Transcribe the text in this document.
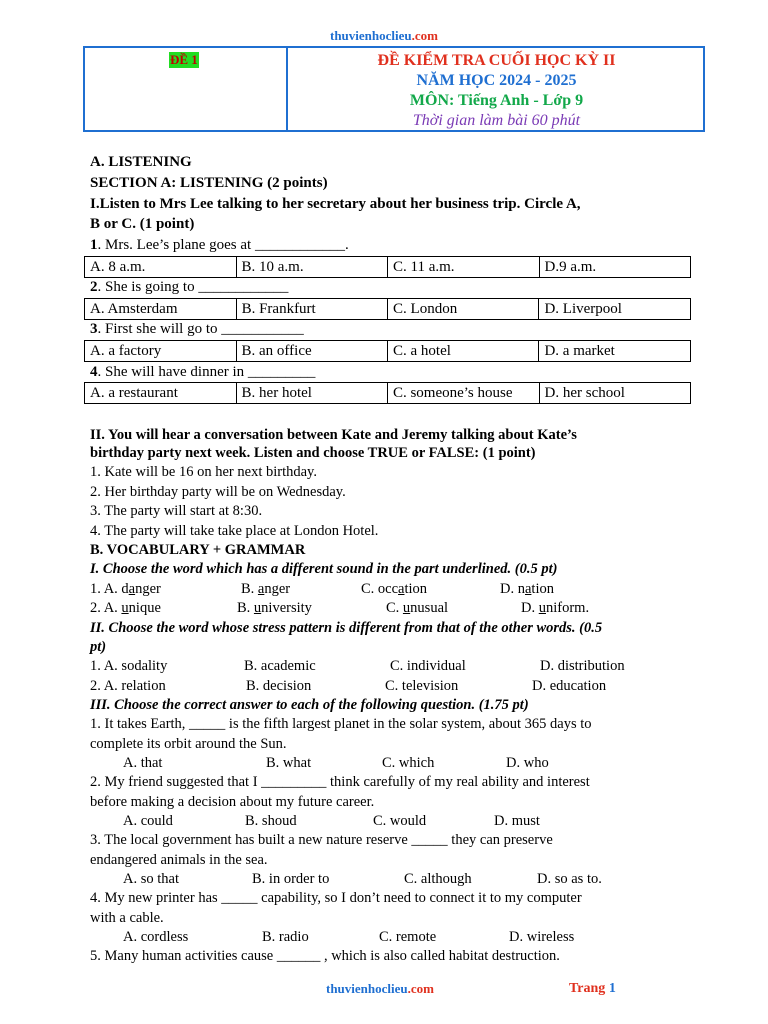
thuvienhoclieu.com
ĐỀ 1	ĐỀ KIỂM TRA CUỐI HỌC KỲ II
NĂM HỌC 2024 - 2025
MÔN: Tiếng Anh - Lớp 9
Thời gian làm bài 60 phút
A. LISTENING
SECTION A: LISTENING (2 points)
I.Listen to Mrs Lee talking to her secretary about her business trip. Circle A,
B or C. (1 point)
1. Mrs. Lee’s plane goes at ____________.
A. 8 a.m.	B. 10 a.m.	C. 11 a.m.	D.9 a.m.
2. She is going to ____________
A. Amsterdam	B. Frankfurt	C. London	D. Liverpool
3. First she will go to ___________
A. a factory	B. an office	C. a hotel	D. a market
4. She will have dinner in _________
A. a restaurant	B. her hotel	C. someone’s house	D. her school
II. You will hear a conversation between Kate and Jeremy talking about Kate’s
birthday party next week. Listen and choose TRUE or FALSE: (1 point)
1. Kate will be 16 on her next birthday.
2. Her birthday party will be on Wednesday.
3. The party will start at 8:30.
4. The party will take take place at London Hotel.
B. VOCABULARY + GRAMMAR
I. Choose the word which has a different sound in the part underlined. (0.5 pt)
1. A. danger	B. anger	C. occation	D. nation
2. A. unique	B. university	C. unusual	D. uniform.
II. Choose the word whose stress pattern is different from that of the other words. (0.5
pt)
1. A. sodality	B. academic	C. individual	D. distribution
2. A. relation	B. decision	C. television	D. education
III. Choose the correct answer to each of the following question. (1.75 pt)
1. It takes Earth, _____ is the fifth largest planet in the solar system, about 365 days to
complete its orbit around the Sun.
A. that	B. what	C. which	D. who
2. My friend suggested that I _________ think carefully of my real ability and interest
before making a decision about my future career.
A. could	B. shoud	C. would	D. must
3. The local government has built a new nature reserve _____ they can preserve
endangered animals in the sea.
A. so that	B. in order to	C. although	D. so as to.
4. My new printer has _____ capability, so I don’t need to connect it to my computer
with a cable.
A. cordless	B. radio	C. remote	D. wireless
5. Many human activities cause ______ , which is also called habitat destruction.
thuvienhoclieu.com	Trang 1
